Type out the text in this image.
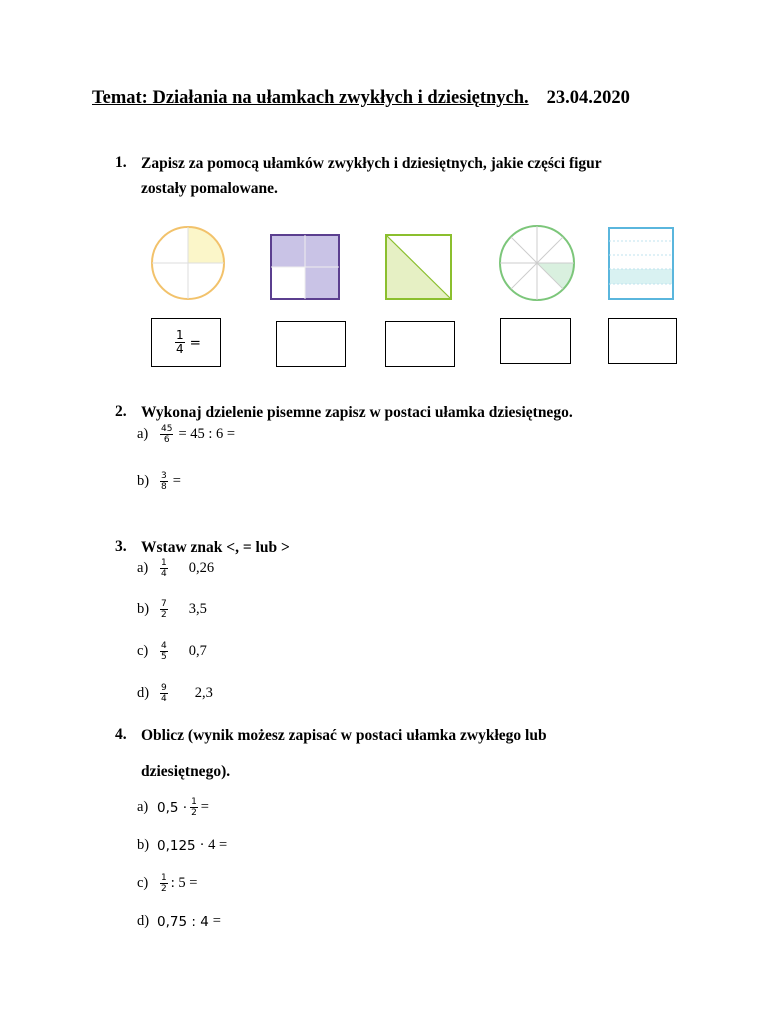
Temat: Działania na ułamkach zwykłych i dziesiętnych. 23.04.2020
1. Zapisz za pomocą ułamków zwykłych i dziesiętnych, jakie części figur
zostały pomalowane.
$\frac{1}{4}$ =
2. Wykonaj dzielenie pisemne zapisz w postaci ułamka dziesiętnego.
a)	$\frac{45}{6} = 45$ : 6 =
b)	$\frac{3}{8}$ =
3. Wstaw znak <, = lub >
a)	$\frac{1}{4} 0,26$
b)	$\frac{7}{2} 3,5$
c)	$\frac{4}{5} 0,7$
d)	$\frac{9}{4} 2,3$
4. Oblicz (wynik możesz zapisać w postaci ułamka zwykłego lub
dziesiętnego).
a) $0,5 \cdot \frac{1}{2}$ =
b) 0,125 · 4 =
c)	$\frac{1}{2}$ : 5 =
d) 0,75 : 4 =
